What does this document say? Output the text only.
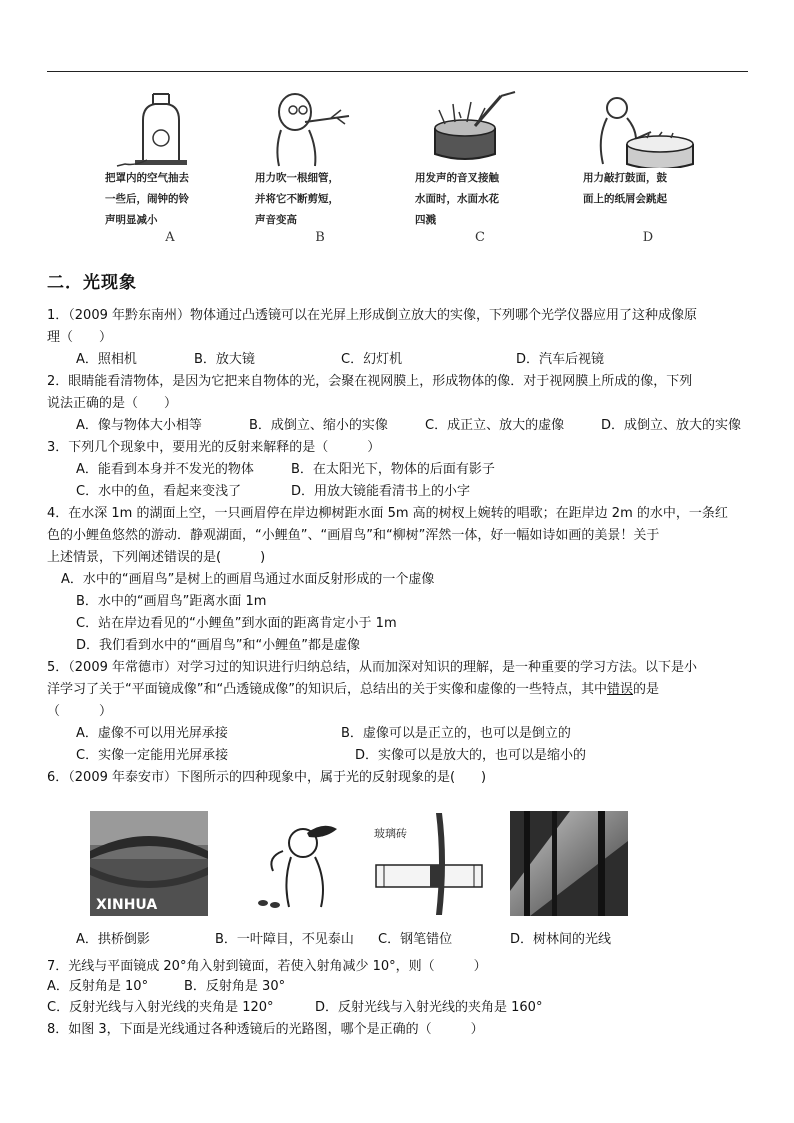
把罩内的空气抽去
一些后，闹钟的铃
声明显减小
A
用力吹一根细管，
并将它不断剪短，
声音变高
B
用发声的音叉接触
水面时，水面水花
四溅
C
用力敲打鼓面，鼓
面上的纸屑会跳起
D
二．光现象
1．（2009 年黔东南州）物体通过凸透镜可以在光屏上形成倒立放大的实像，下列哪个光学仪器应用了这种成像原
理（　　）
A．照相机	B．放大镜	C．幻灯机	D．汽车后视镜
2．眼睛能看清物体，是因为它把来自物体的光，会聚在视网膜上，形成物体的像．对于视网膜上所成的像，下列
说法正确的是（　　）
A．像与物体大小相等	B．成倒立、缩小的实像	C．成正立、放大的虚像	D．成倒立、放大的实像
3．下列几个现象中，要用光的反射来解释的是（　　　）
A．能看到本身并不发光的物体	B．在太阳光下，物体的后面有影子
C．水中的鱼，看起来变浅了	D．用放大镜能看清书上的小字
4．在水深 1m 的湖面上空，一只画眉停在岸边柳树距水面 5m 高的树杈上婉转的唱歌；在距岸边 2m 的水中，一条红
色的小鲤鱼悠然的游动．静观湖面，“小鲤鱼”、“画眉鸟”和“柳树”浑然一体，好一幅如诗如画的美景！关于
上述情景，下列阐述错误的是(　　　)
A．水中的“画眉鸟”是树上的画眉鸟通过水面反射形成的一个虚像
B．水中的“画眉鸟”距离水面 1m
C．站在岸边看见的“小鲤鱼”到水面的距离肯定小于 1m
D．我们看到水中的“画眉鸟”和“小鲤鱼”都是虚像
5．（2009 年常德市）对学习过的知识进行归纳总结，从而加深对知识的理解，是一种重要的学习方法。以下是小
洋学习了关于“平面镜成像”和“凸透镜成像”的知识后，总结出的关于实像和虚像的一些特点，其中错误的是
（　　　）
A．虚像不可以用光屏承接	B．虚像可以是正立的，也可以是倒立的
C．实像一定能用光屏承接	D．实像可以是放大的，也可以是缩小的
6．（2009 年泰安市）下图所示的四种现象中，属于光的反射现象的是(　　)
XINHUA
玻璃砖
A．拱桥倒影	B．一叶障目，不见泰山 C．钢笔错位	D．树林间的光线
7．光线与平面镜成 20°角入射到镜面，若使入射角减少 10°，则（　　　）
A．反射角是 10°	B．反射角是 30°
C．反射光线与入射光线的夹角是 120°	D．反射光线与入射光线的夹角是 160°
8．如图 3，下面是光线通过各种透镜后的光路图，哪个是正确的（　　　）
